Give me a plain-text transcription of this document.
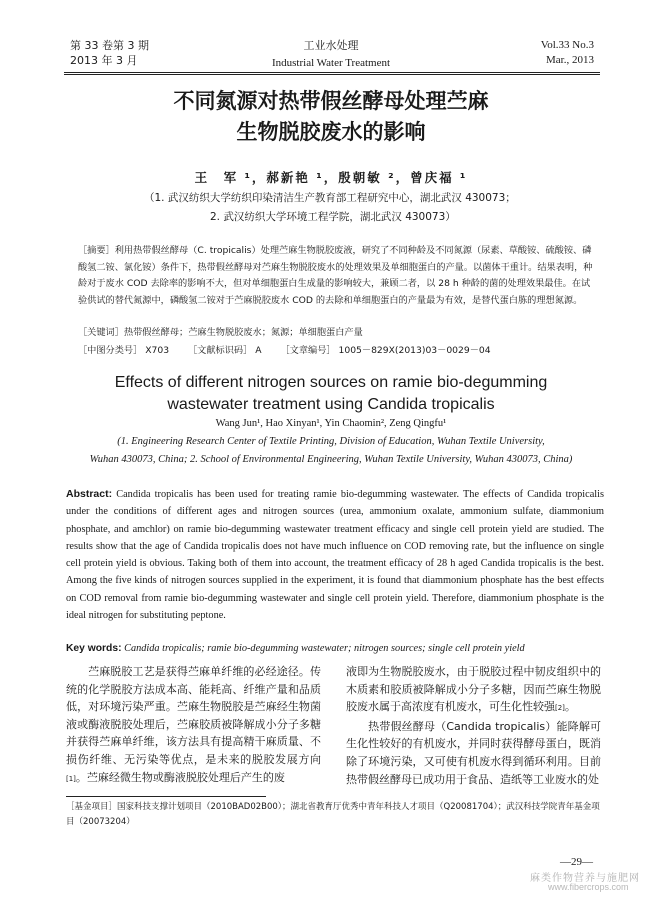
第 33 卷第 3 期
2013 年 3 月
工业水处理
Industrial Water Treatment
Vol.33 No.3
Mar., 2013
不同氮源对热带假丝酵母处理苎麻
生物脱胶废水的影响
王　军 ¹，郝新艳 ¹，殷朝敏 ²，曾庆福 ¹
（1. 武汉纺织大学纺织印染清洁生产教育部工程研究中心，湖北武汉 430073；
2. 武汉纺织大学环境工程学院，湖北武汉 430073）
［摘要］利用热带假丝酵母（C. tropicalis）处理苎麻生物脱胶废液，研究了不同种龄及不同氮源（尿素、草酸铵、硫酸铵、磷酸氢二铵、氯化铵）条件下，热带假丝酵母对苎麻生物脱胶废水的处理效果及单细胞蛋白的产量。以菌体干重计。结果表明，种龄对于废水 COD 去除率的影响不大，但对单细胞蛋白生成量的影响较大，兼顾二者，以 28 h 种龄的菌的处理效果最佳。在试验供试的替代氮源中，磷酸氢二铵对于苎麻脱胶废水 COD 的去除和单细胞蛋白的产量最为有效，是替代蛋白胨的理想氮源。
［关键词］热带假丝酵母；苎麻生物脱胶废水；氮源；单细胞蛋白产量
［中图分类号］ X703 ［文献标识码］ A ［文章编号］ 1005－829X(2013)03－0029－04
Effects of different nitrogen sources on ramie bio-degumming
wastewater treatment using Candida tropicalis
Wang Jun¹, Hao Xinyan¹, Yin Chaomin², Zeng Qingfu¹
(1. Engineering Research Center of Textile Printing, Division of Education, Wuhan Textile University,
Wuhan 430073, China; 2. School of Environmental Engineering, Wuhan Textile University, Wuhan 430073, China)
Abstract: Candida tropicalis has been used for treating ramie bio-degumming wastewater. The effects of Candida tropicalis under the conditions of different ages and nitrogen sources (urea, ammonium oxalate, ammonium sulfate, diammonium phosphate, and amchlor) on ramie bio-degumming wastewater treatment efficacy and single cell protein yield are studied. The results show that the age of Candida tropicalis does not have much influence on COD removing rate, but the influence on single cell protein yield is obvious. Taking both of them into account, the treatment efficacy of 28 h aged Candida tropicalis is the best. Among the five kinds of nitrogen sources supplied in the experiment, it is found that diammonium phosphate has the best effects on COD removal from ramie bio-degumming wastewater and single cell protein yield. Therefore, diammonium phosphate is the ideal nitrogen for substituting peptone.
Key words: Candida tropicalis; ramie bio-degumming wastewater; nitrogen sources; single cell protein yield
苎麻脱胶工艺是获得苎麻单纤维的必经途径。传统的化学脱胶方法成本高、能耗高、纤维产量和品质低，对环境污染严重。苎麻生物脱胶是苎麻经生物菌液或酶液脱胶处理后，苎麻胶质被降解成小分子多糖并获得苎麻单纤维，该方法具有提高精干麻质量、不损伤纤维、无污染等优点，是未来的脱胶发展方向[1]。苎麻经微生物或酶液脱胶处理后产生的废
液即为生物脱胶废水，由于脱胶过程中韧皮组织中的木质素和胶质被降解成小分子多糖，因而苎麻生物脱胶废水属于高浓度有机废水，可生化性较强[2]。
热带假丝酵母（Candida tropicalis）能降解可生化性较好的有机废水，并同时获得酵母蛋白，既消除了环境污染，又可使有机废水得到循环利用。目前热带假丝酵母已成功用于食品、造纸等工业废水的处
［基金项目］国家科技支撑计划项目（2010BAD02B00）；湖北省教育厅优秀中青年科技人才项目（Q20081704）；武汉科技学院青年基金项目（20073204）
—29—
麻类作物营养与施肥网
www.fibercrops.com
